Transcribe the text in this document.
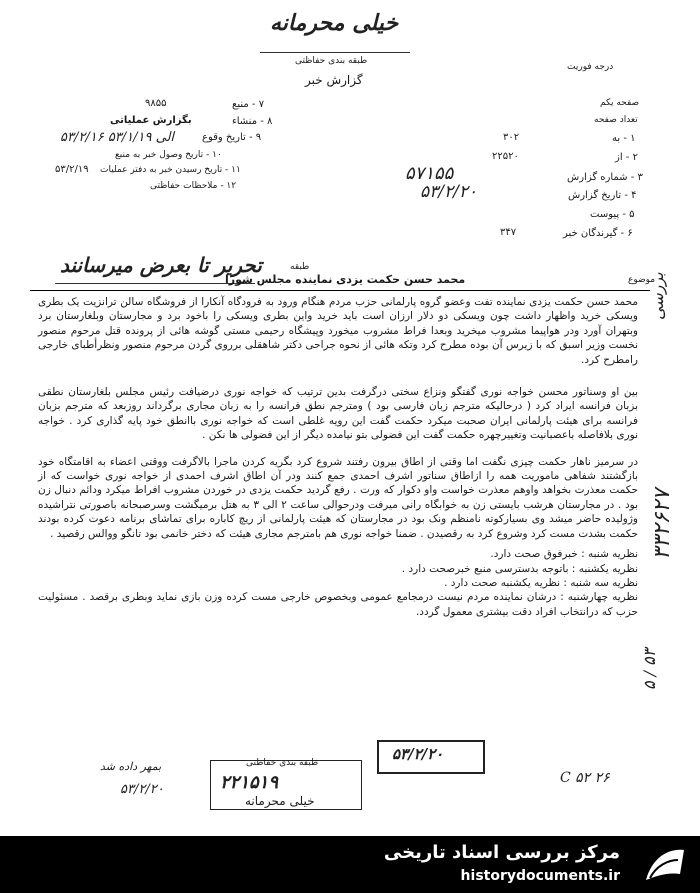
خیلی محرمانه
طبقه بندی حفاظتی
گزارش خبر
درجه فوریت
صفحه یکم
تعداد صفحه
۱ - به
۳۰۲
۲ - از
۲۲۵۲۰
۳ - شماره گزارش
۵۷۱۵۵
۴ - تاریخ گزارش
۵۳/۲/۲۰
۵ - پیوست
۶ - گیرندگان خبر
۳۴۷
۹۸۵۵	۷ - منبع
بگزارش عملیاتی	۸ - منشاء
۵۳/۲/۱۶ الی ۵۳/۱/۱۹	۹ - تاریخ وقوع
۱۰ - تاریخ وصول خبر به منبع
۱۱ - تاریخ رسیدن خبر به دفتر عملیات
۵۳/۲/۱۹
۱۲ - ملاحظات حفاظتی
تحریر تا بعرض میرسانند	طبقه
محمد حسن حکمت یزدی نماینده مجلس شورا	موضوع

محمد حسن حکمت یزدی نماینده تفت وعضو گروه پارلمانی حزب مردم هنگام ورود به فرودگاه آنکارا از فروشگاه سالن ترانزیت یک بطری ویسکی خرید واظهار داشت چون ویسکی دو دلار ارزان است باید خرید واین بطری ویسکی را باخود برد و مجارستان وبلغارستان برد وبتهران آورد ودر هواپیما مشروب میخرید وبعدا فراط مشروب میخورد وپیشگاه رحیمی مستی گوشه هائی از پرونده قتل مرحوم منصور نخست وزیر اسبق که با زیرس آن بوده مطرح کرد وتکه هائی از نحوه جراحی دکتر شاهقلی برروی گردن مرحوم منصور ونظرأطبای خارجی رامطرح کرد.

بین او وسناتور محسن خواجه نوری گفتگو ونزاع سختی درگرفت بدین ترتیب که خواجه نوری درضیافت رئیس مجلس بلغارستان نطقی بزبان فرانسه ایراد کرد ( درحالیکه مترجم زبان فارسی بود ) ومترجم نطق فرانسه را به زبان مجاری برگرداند روزبعد که مترجم بزبان فرانسه برای هیئت پارلمانی ایران صحبت میکرد حکمت گفت این رویه غلطی است که خواجه نوری باانطق خود پایه گذاری کرد . خواجه نوری بلافاصله باعصبانیت وتغییرچهره حکمت گفت این فضولی بتو نیامده دیگر از این فضولی ها نکن .

در سرمیز ناهار حکمت چیزی نگفت اما وقتی از اطاق بیرون رفتند شروع کرد بگریه کردن ماجرا بالاگرفت ووقتی اعضاء به اقامتگاه خود بازگشتند شفاهی ماموریت همه را ازاطاق سناتور اشرف احمدی جمع کنند ودر آن اطاق اشرف احمدی از خواجه نوری خواست که از حکمت معذرت بخواهد واوهم معذرت خواست واو دکوار که ورت . رفع گردید حکمت یزدی در خوردن مشروب افراط میکرد ودائم دنبال زن بود . در مجارستان هرشب بایستی زن به خوابگاه رانی میرفت ودرحوالی ساعت ۲ الی ۳ به هتل برمیگشت وسرصبحانه باصورتی نتراشیده وژولیده حاضر میشد وی بسیارکوته نامنظم ونک بود در مجارستان که هیئت پارلمانی از ریچ کاباره برای تماشای برنامه دعوت کرده بودند حکمت بشدت مست کرد وشروع کرد به رقصیدن . ضمنا خواجه نوری هم بامترجم مجاری هیئت که دختر خانمی بود تانگو ووالس رقصید .

نظریه شنبه : خبرفوق صحت دارد.

نظریه یکشنبه : باتوجه بدسترسی منبع خبرصحت دارد .

نظریه سه شنبه : نظریه یکشنبه صحت دارد .

نظریه چهارشنبه : درشان نماینده مردم نیست درمجامع عمومی وبخصوص خارجی مست کرده وزن بازی نماید وبطری برقصد . مسئولیت حزب که درانتخاب افراد دقت بیشتری معمول گردد.

بررسی
۳۳۲۶۲۷
۵ / ۵۳
بمهر داده شد
۵۳/۲/۲۰
طبقه بندی حفاظتی
۲۲۱۵۱۹
خیلی محرمانه
۵۳/۲/۲۰
C ۵۲ ۲۶
مرکز بررسی اسناد تاریخی
historydocuments.ir
